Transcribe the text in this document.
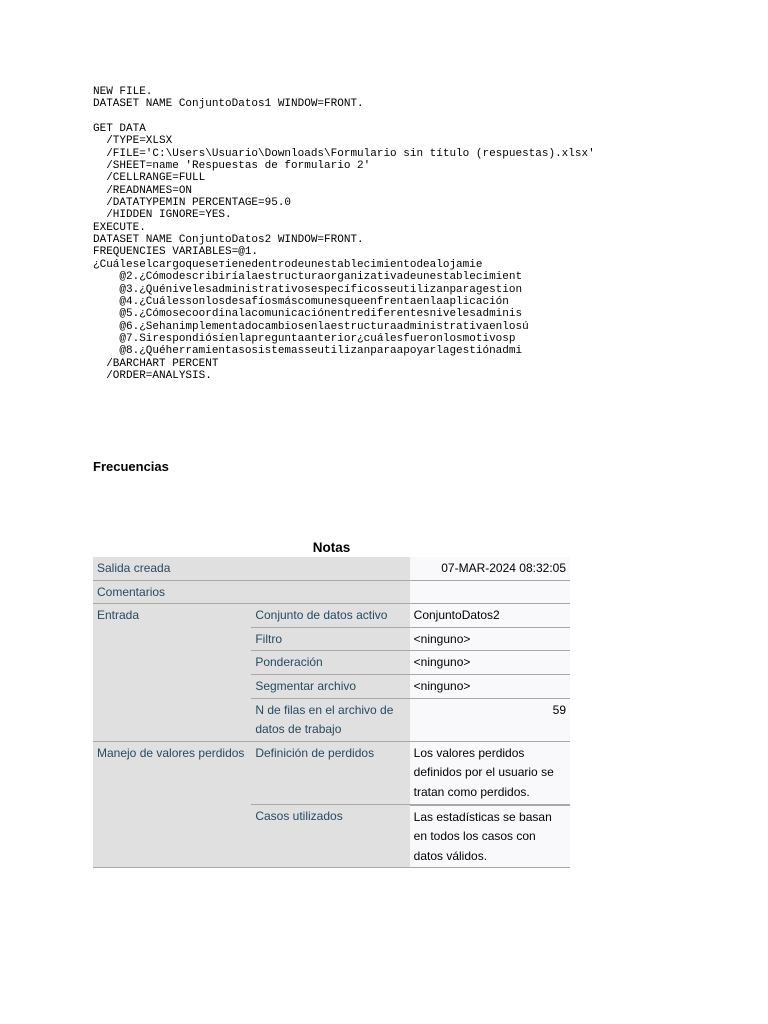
NEW FILE.
DATASET NAME ConjuntoDatos1 WINDOW=FRONT.
GET DATA
/TYPE=XLSX
/FILE='C:\Users\Usuario\Downloads\Formulario sin título (respuestas).xlsx'
/SHEET=name 'Respuestas de formulario 2'
/CELLRANGE=FULL
/READNAMES=ON
/DATATYPEMIN PERCENTAGE=95.0
/HIDDEN IGNORE=YES.
EXECUTE.
DATASET NAME ConjuntoDatos2 WINDOW=FRONT.
FREQUENCIES VARIABLES=@1.
¿Cuáleselcargoqueseтienedentrodeunestablecimientodealojamie
@2.¿Cómodescribiríalaestructuraorganizativadeunestablecimient
@3.¿Quénivelesadministrativosespecíficosseutilizanparagestion
@4.¿Cuálessonlosdesafíosmáscomunesqueenfrentaenlaaplicación
@5.¿Cómosecoordinalacomunicaciónentrediferentesnivelesadminis
@6.¿Sehanimplementadocambiosenlaestructuraadministrativaenlosú
@7.Sirespondiósíenlapreguntaanterior¿cuálesfueronlosmotivosp
@8.¿Quéherramientasosistemasseutilizanparaapoyarlagestiónadmi
/BARCHART PERCENT
/ORDER=ANALYSIS.
Frecuencias
Notas
Salida creada		07-MAR-2024 08:32:05
Comentarios		
Entrada	Conjunto de datos activo	ConjuntoDatos2
	Filtro	<ninguno>
	Ponderación	<ninguno>
	Segmentar archivo	<ninguno>
	N de filas en el archivo de datos de trabajo	59
Manejo de valores perdidos	Definición de perdidos	Los valores perdidos definidos por el usuario se tratan como perdidos.
	Casos utilizados	Las estadísticas se basan en todos los casos con datos válidos.
